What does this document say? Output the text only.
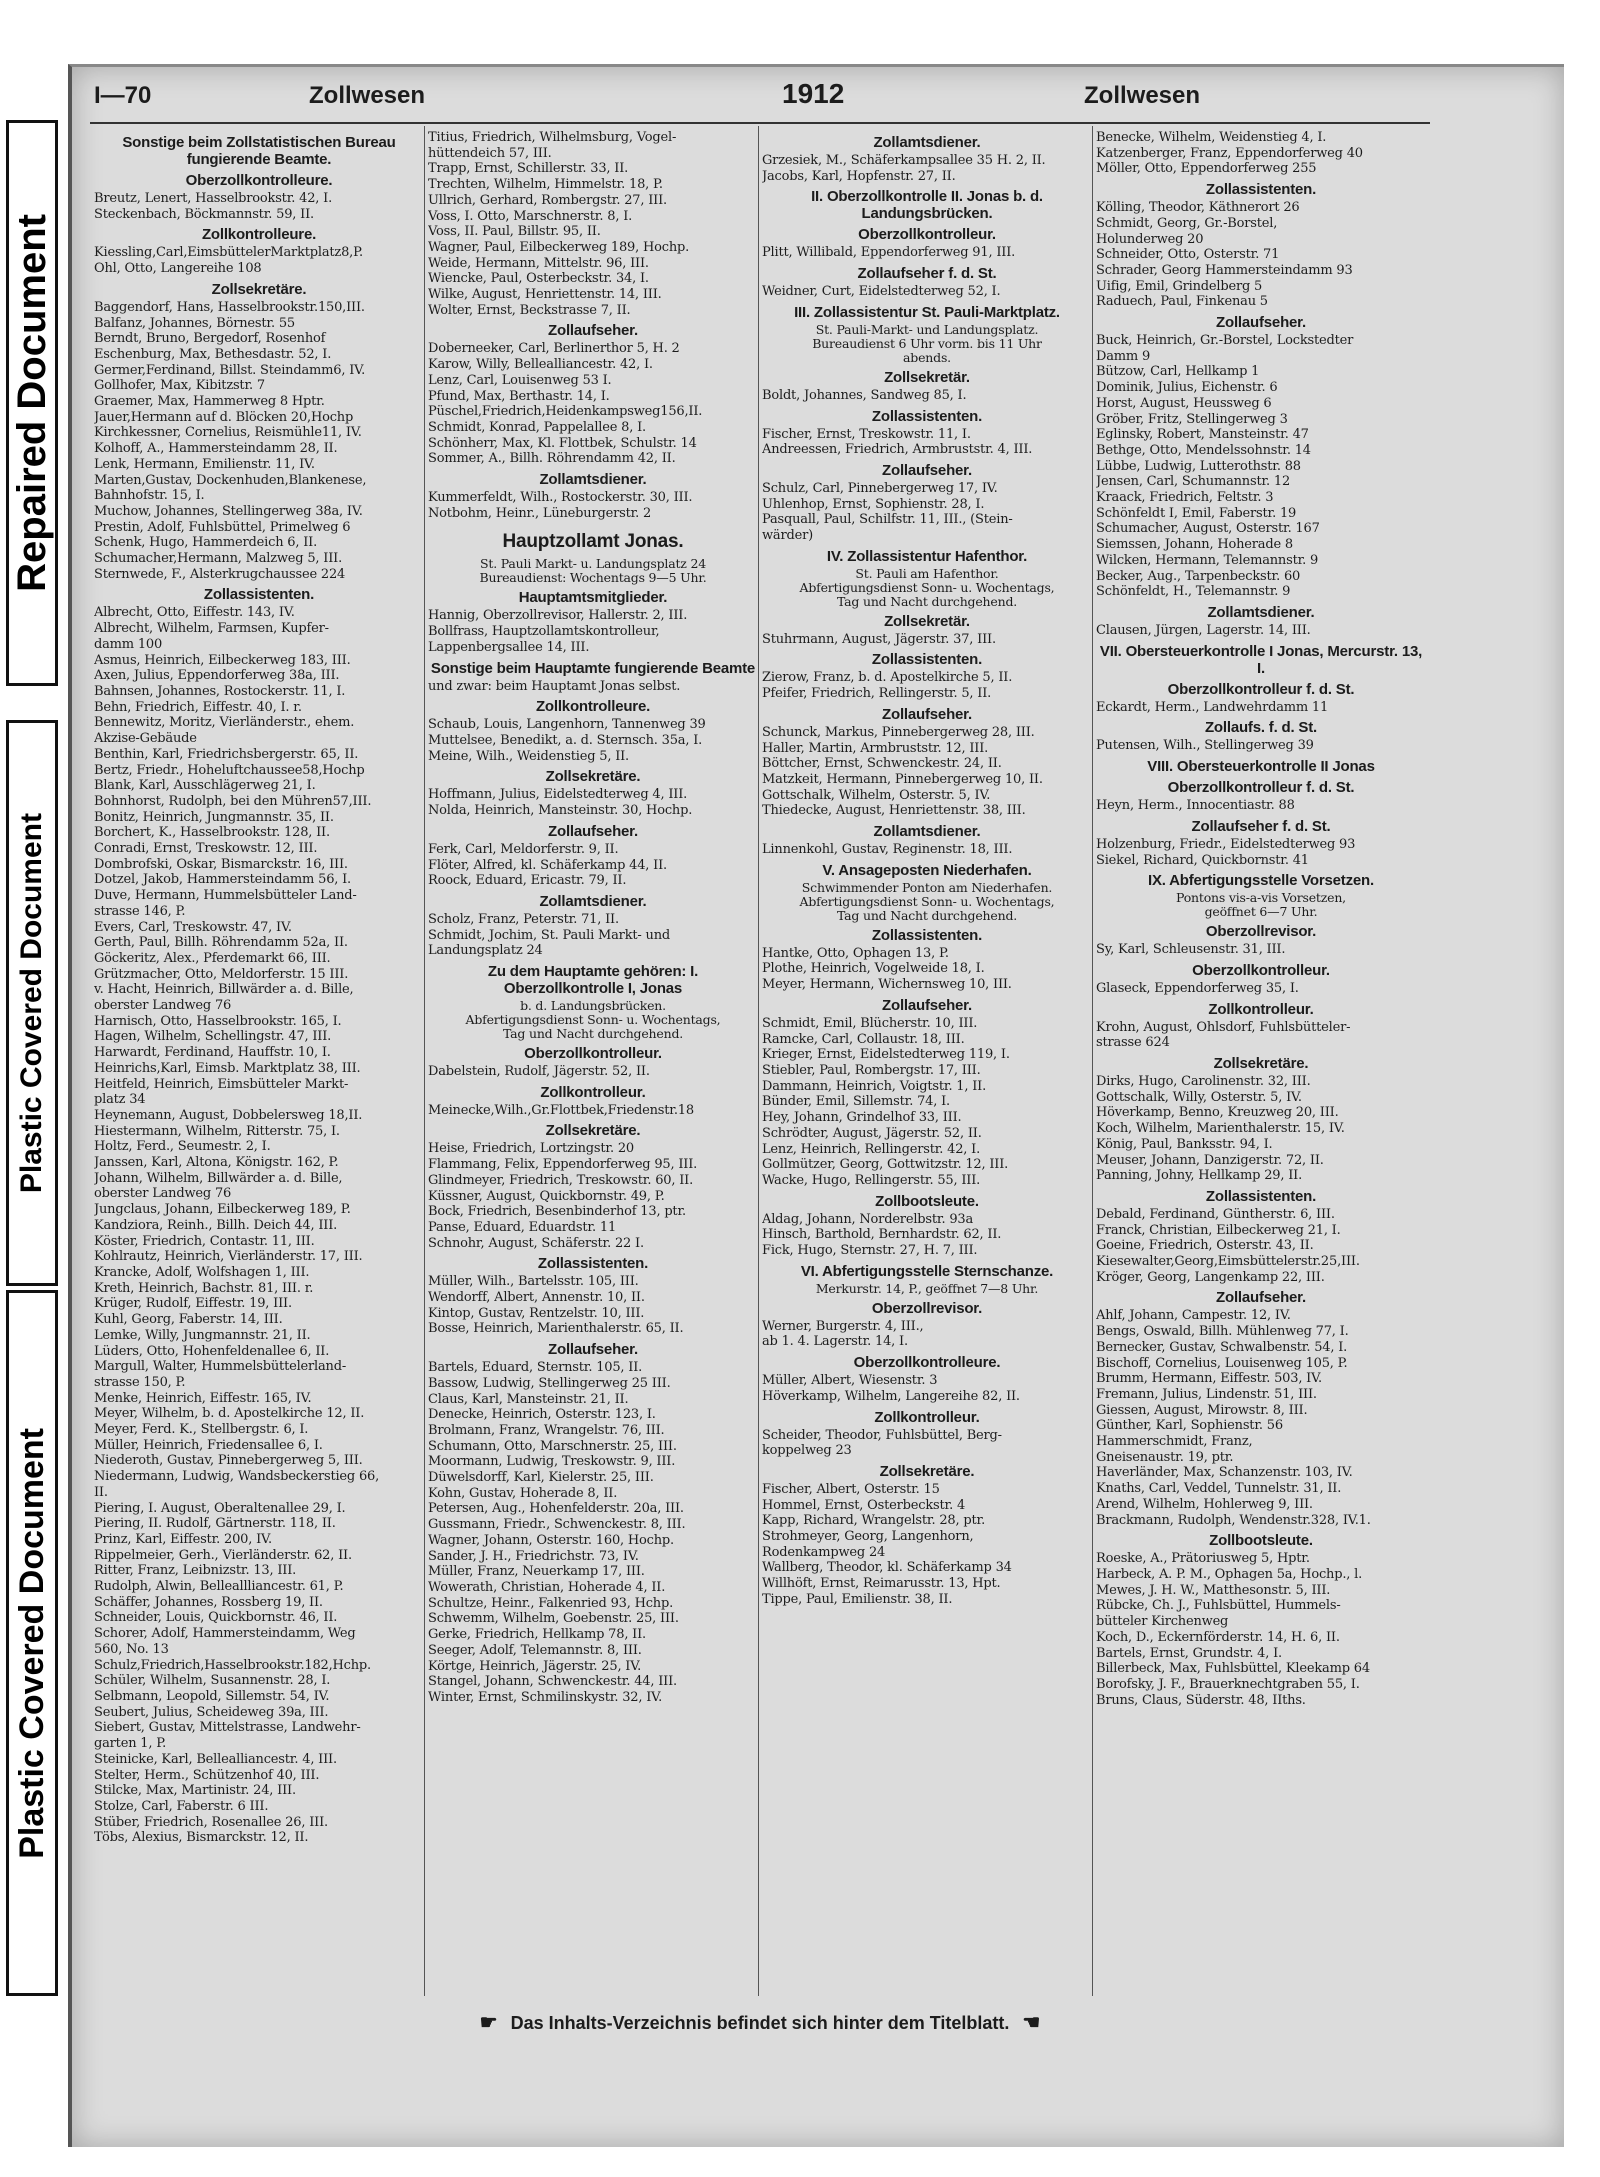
Repaired Document
Plastic Covered Document
Plastic Covered Document
I—70	Zollwesen	1912	Zollwesen
Sonstige beim Zollstatistischen Bureau fungierende Beamte.
Oberzollkontrolleure.
Breutz, Lenert, Hasselbrookstr. 42, I.
Steckenbach, Böckmannstr. 59, II.
Zollkontrolleure.
Kiessling,Carl,EimsbüttelerMarktplatz8,P.
Ohl, Otto, Langereihe 108
Zollsekretäre.
Baggendorf, Hans, Hasselbrookstr.150,III.
Balfanz, Johannes, Börnestr. 55
Berndt, Bruno, Bergedorf, Rosenhof
Eschenburg, Max, Bethesdastr. 52, I.
Germer,Ferdinand, Billst. Steindamm6, IV.
Gollhofer, Max, Kibitzstr. 7
Graemer, Max, Hammerweg 8 Hptr.
Jauer,Hermann auf d. Blöcken 20,Hochp
Kirchkessner, Cornelius, Reismühle11, IV.
Kolhoff, A., Hammersteindamm 28, II.
Lenk, Hermann, Emilienstr. 11, IV.
Marten,Gustav, Dockenhuden,Blankenese,
Bahnhofstr. 15, I.
Muchow, Johannes, Stellingerweg 38a, IV.
Prestin, Adolf, Fuhlsbüttel, Primelweg 6
Schenk, Hugo, Hammerdeich 6, II.
Schumacher,Hermann, Malzweg 5, III.
Sternwede, F., Alsterkrugchaussee 224
Zollassistenten.
Albrecht, Otto, Eiffestr. 143, IV.
Albrecht, Wilhelm, Farmsen, Kupfer-
damm 100
Asmus, Heinrich, Eilbeckerweg 183, III.
Axen, Julius, Eppendorferweg 38a, III.
Bahnsen, Johannes, Rostockerstr. 11, I.
Behn, Friedrich, Eiffestr. 40, I. r.
Bennewitz, Moritz, Vierländerstr., ehem.
Akzise-Gebäude
Benthin, Karl, Friedrichsbergerstr. 65, II.
Bertz, Friedr., Hoheluftchaussee58,Hochp
Blank, Karl, Ausschlägerweg 21, I.
Bohnhorst, Rudolph, bei den Mühren57,III.
Bonitz, Heinrich, Jungmannstr. 35, II.
Borchert, K., Hasselbrookstr. 128, II.
Conradi, Ernst, Treskowstr. 12, III.
Dombrofski, Oskar, Bismarckstr. 16, III.
Dotzel, Jakob, Hammersteindamm 56, I.
Duve, Hermann, Hummelsbütteler Land-
strasse 146, P.
Evers, Carl, Treskowstr. 47, IV.
Gerth, Paul, Billh. Röhrendamm 52a, II.
Göckeritz, Alex., Pferdemarkt 66, III.
Grützmacher, Otto, Meldorferstr. 15 III.
v. Hacht, Heinrich, Billwärder a. d. Bille,
oberster Landweg 76
Harnisch, Otto, Hasselbrookstr. 165, I.
Hagen, Wilhelm, Schellingstr. 47, III.
Harwardt, Ferdinand, Hauffstr. 10, I.
Heinrichs,Karl, Eimsb. Marktplatz 38, III.
Heitfeld, Heinrich, Eimsbütteler Markt-
platz 34
Heynemann, August, Dobbelersweg 18,II.
Hiestermann, Wilhelm, Ritterstr. 75, I.
Holtz, Ferd., Seumestr. 2, I.
Janssen, Karl, Altona, Königstr. 162, P.
Johann, Wilhelm, Billwärder a. d. Bille,
oberster Landweg 76
Jungclaus, Johann, Eilbeckerweg 189, P.
Kandziora, Reinh., Billh. Deich 44, III.
Köster, Friedrich, Contastr. 11, III.
Kohlrautz, Heinrich, Vierländerstr. 17, III.
Krancke, Adolf, Wolfshagen 1, III.
Kreth, Heinrich, Bachstr. 81, III. r.
Krüger, Rudolf, Eiffestr. 19, III.
Kuhl, Georg, Faberstr. 14, III.
Lemke, Willy, Jungmannstr. 21, II.
Lüders, Otto, Hohenfeldenallee 6, II.
Margull, Walter, Hummelsbüttelerland-
strasse 150, P.
Menke, Heinrich, Eiffestr. 165, IV.
Meyer, Wilhelm, b. d. Apostelkirche 12, II.
Meyer, Ferd. K., Stellbergstr. 6, I.
Müller, Heinrich, Friedensallee 6, I.
Niederoth, Gustav, Pinnebergerweg 5, III.
Niedermann, Ludwig, Wandsbeckerstieg 66,
II.
Piering, I. August, Oberaltenallee 29, I.
Piering, II. Rudolf, Gärtnerstr. 118, II.
Prinz, Karl, Eiffestr. 200, IV.
Rippelmeier, Gerh., Vierländerstr. 62, II.
Ritter, Franz, Leibnizstr. 13, III.
Rudolph, Alwin, Belleallliancestr. 61, P.
Schäffer, Johannes, Rossberg 19, II.
Schneider, Louis, Quickbornstr. 46, II.
Schorer, Adolf, Hammersteindamm, Weg
560, No. 13
Schulz,Friedrich,Hasselbrookstr.182,Hchp.
Schüler, Wilhelm, Susannenstr. 28, I.
Selbmann, Leopold, Sillemstr. 54, IV.
Seubert, Julius, Scheideweg 39a, III.
Siebert, Gustav, Mittelstrasse, Landwehr-
garten 1, P.
Steinicke, Karl, Bellealliancestr. 4, III.
Stelter, Herm., Schützenhof 40, III.
Stilcke, Max, Martinistr. 24, III.
Stolze, Carl, Faberstr. 6 III.
Stüber, Friedrich, Rosenallee 26, III.
Töbs, Alexius, Bismarckstr. 12, II.
Titius, Friedrich, Wilhelmsburg, Vogel-
hüttendeich 57, III.
Trapp, Ernst, Schillerstr. 33, II.
Trechten, Wilhelm, Himmelstr. 18, P.
Ullrich, Gerhard, Rombergstr. 27, III.
Voss, I. Otto, Marschnerstr. 8, I.
Voss, II. Paul, Billstr. 95, II.
Wagner, Paul, Eilbeckerweg 189, Hochp.
Weide, Hermann, Mittelstr. 96, III.
Wiencke, Paul, Osterbeckstr. 34, I.
Wilke, August, Henriettenstr. 14, III.
Wolter, Ernst, Beckstrasse 7, II.
Zollaufseher.
Doberneeker, Carl, Berlinerthor 5, H. 2
Karow, Willy, Bellealliancestr. 42, I.
Lenz, Carl, Louisenweg 53 I.
Pfund, Max, Berthastr. 14, I.
Püschel,Friedrich,Heidenkampsweg156,II.
Schmidt, Konrad, Pappelallee 8, I.
Schönherr, Max, Kl. Flottbek, Schulstr. 14
Sommer, A., Billh. Röhrendamm 42, II.
Zollamtsdiener.
Kummerfeldt, Wilh., Rostockerstr. 30, III.
Notbohm, Heinr., Lüneburgerstr. 2
Hauptzollamt Jonas.
St. Pauli Markt- u. Landungsplatz 24
Bureaudienst: Wochentags 9—5 Uhr.
Hauptamtsmitglieder.
Hannig, Oberzollrevisor, Hallerstr. 2, III.
Bollfrass, Hauptzollamtskontrolleur,
Lappenbergsallee 14, III.
Sonstige beim Hauptamte fungierende Beamte
und zwar: beim Hauptamt Jonas selbst.
Zollkontrolleure.
Schaub, Louis, Langenhorn, Tannenweg 39
Muttelsee, Benedikt, a. d. Sternsch. 35a, I.
Meine, Wilh., Weidenstieg 5, II.
Zollsekretäre.
Hoffmann, Julius, Eidelstedterweg 4, III.
Nolda, Heinrich, Mansteinstr. 30, Hochp.
Zollaufseher.
Ferk, Carl, Meldorferstr. 9, II.
Flöter, Alfred, kl. Schäferkamp 44, II.
Roock, Eduard, Ericastr. 79, II.
Zollamtsdiener.
Scholz, Franz, Peterstr. 71, II.
Schmidt, Jochim, St. Pauli Markt- und
Landungsplatz 24
Zu dem Hauptamte gehören: I. Oberzollkontrolle I, Jonas
b. d. Landungsbrücken.
Abfertigungsdienst Sonn- u. Wochentags,
Tag und Nacht durchgehend.
Oberzollkontrolleur.
Dabelstein, Rudolf, Jägerstr. 52, II.
Zollkontrolleur.
Meinecke,Wilh.,Gr.Flottbek,Friedenstr.18
Zollsekretäre.
Heise, Friedrich, Lortzingstr. 20
Flammang, Felix, Eppendorferweg 95, III.
Glindmeyer, Friedrich, Treskowstr. 60, II.
Küssner, August, Quickbornstr. 49, P.
Bock, Friedrich, Besenbinderhof 13, ptr.
Panse, Eduard, Eduardstr. 11
Schnohr, August, Schäferstr. 22 I.
Zollassistenten.
Müller, Wilh., Bartelsstr. 105, III.
Wendorff, Albert, Annenstr. 10, II.
Kintop, Gustav, Rentzelstr. 10, III.
Bosse, Heinrich, Marienthalerstr. 65, II.
Zollaufseher.
Bartels, Eduard, Sternstr. 105, II.
Bassow, Ludwig, Stellingerweg 25 III.
Claus, Karl, Mansteinstr. 21, II.
Denecke, Heinrich, Osterstr. 123, I.
Brolmann, Franz, Wrangelstr. 76, III.
Schumann, Otto, Marschnerstr. 25, III.
Moormann, Ludwig, Treskowstr. 9, III.
Düwelsdorff, Karl, Kielerstr. 25, III.
Kohn, Gustav, Hoherade 8, II.
Petersen, Aug., Hohenfelderstr. 20a, III.
Gussmann, Friedr., Schwenckestr. 8, III.
Wagner, Johann, Osterstr. 160, Hochp.
Sander, J. H., Friedrichstr. 73, IV.
Müller, Franz, Neuerkamp 17, III.
Wowerath, Christian, Hoherade 4, II.
Schultze, Heinr., Falkenried 93, Hchp.
Schwemm, Wilhelm, Goebenstr. 25, III.
Gerke, Friedrich, Hellkamp 78, II.
Seeger, Adolf, Telemannstr. 8, III.
Körtge, Heinrich, Jägerstr. 25, IV.
Stangel, Johann, Schwenckestr. 44, III.
Winter, Ernst, Schmilinskystr. 32, IV.
Zollamtsdiener.
Grzesiek, M., Schäferkampsallee 35 H. 2, II.
Jacobs, Karl, Hopfenstr. 27, II.
II. Oberzollkontrolle II. Jonas b. d. Landungsbrücken.
Oberzollkontrolleur.
Plitt, Willibald, Eppendorferweg 91, III.
Zollaufseher f. d. St.
Weidner, Curt, Eidelstedterweg 52, I.
III. Zollassistentur St. Pauli-Marktplatz.
St. Pauli-Markt- und Landungsplatz.
Bureaudienst 6 Uhr vorm. bis 11 Uhr
abends.
Zollsekretär.
Boldt, Johannes, Sandweg 85, I.
Zollassistenten.
Fischer, Ernst, Treskowstr. 11, I.
Andreessen, Friedrich, Armbruststr. 4, III.
Zollaufseher.
Schulz, Carl, Pinnebergerweg 17, IV.
Uhlenhop, Ernst, Sophienstr. 28, I.
Pasquall, Paul, Schilfstr. 11, III., (Stein-
wärder)
IV. Zollassistentur Hafenthor.
St. Pauli am Hafenthor.
Abfertigungsdienst Sonn- u. Wochentags,
Tag und Nacht durchgehend.
Zollsekretär.
Stuhrmann, August, Jägerstr. 37, III.
Zollassistenten.
Zierow, Franz, b. d. Apostelkirche 5, II.
Pfeifer, Friedrich, Rellingerstr. 5, II.
Zollaufseher.
Schunck, Markus, Pinnebergerweg 28, III.
Haller, Martin, Armbruststr. 12, III.
Böttcher, Ernst, Schwenckestr. 24, II.
Matzkeit, Hermann, Pinnebergerweg 10, II.
Gottschalk, Wilhelm, Osterstr. 5, IV.
Thiedecke, August, Henriettenstr. 38, III.
Zollamtsdiener.
Linnenkohl, Gustav, Reginenstr. 18, III.
V. Ansageposten Niederhafen.
Schwimmender Ponton am Niederhafen.
Abfertigungsdienst Sonn- u. Wochentags,
Tag und Nacht durchgehend.
Zollassistenten.
Hantke, Otto, Ophagen 13, P.
Plothe, Heinrich, Vogelweide 18, I.
Meyer, Hermann, Wichernsweg 10, III.
Zollaufseher.
Schmidt, Emil, Blücherstr. 10, III.
Ramcke, Carl, Collaustr. 18, III.
Krieger, Ernst, Eidelstedterweg 119, I.
Stiebler, Paul, Rombergstr. 17, III.
Dammann, Heinrich, Voigtstr. 1, II.
Bünder, Emil, Sillemstr. 74, I.
Hey, Johann, Grindelhof 33, III.
Schrödter, August, Jägerstr. 52, II.
Lenz, Heinrich, Rellingerstr. 42, I.
Gollmützer, Georg, Gottwitzstr. 12, III.
Wacke, Hugo, Rellingerstr. 55, III.
Zollbootsleute.
Aldag, Johann, Norderelbstr. 93a
Hinsch, Barthold, Bernhardstr. 62, II.
Fick, Hugo, Sternstr. 27, H. 7, III.
VI. Abfertigungsstelle Sternschanze.
Merkurstr. 14, P., geöffnet 7—8 Uhr.
Oberzollrevisor.
Werner, Burgerstr. 4, III.,
ab 1. 4. Lagerstr. 14, I.
Oberzollkontrolleure.
Müller, Albert, Wiesenstr. 3
Höverkamp, Wilhelm, Langereihe 82, II.
Zollkontrolleur.
Scheider, Theodor, Fuhlsbüttel, Berg-
koppelweg 23
Zollsekretäre.
Fischer, Albert, Osterstr. 15
Hommel, Ernst, Osterbeckstr. 4
Kapp, Richard, Wrangelstr. 28, ptr.
Strohmeyer, Georg, Langenhorn,
Rodenkampweg 24
Wallberg, Theodor, kl. Schäferkamp 34
Willhöft, Ernst, Reimarusstr. 13, Hpt.
Tippe, Paul, Emilienstr. 38, II.
Benecke, Wilhelm, Weidenstieg 4, I.
Katzenberger, Franz, Eppendorferweg 40
Möller, Otto, Eppendorferweg 255
Zollassistenten.
Kölling, Theodor, Käthnerort 26
Schmidt, Georg, Gr.-Borstel,
Holunderweg 20
Schneider, Otto, Osterstr. 71
Schrader, Georg Hammersteindamm 93
Uifig, Emil, Grindelberg 5
Raduech, Paul, Finkenau 5
Zollaufseher.
Buck, Heinrich, Gr.-Borstel, Lockstedter
Damm 9
Bützow, Carl, Hellkamp 1
Dominik, Julius, Eichenstr. 6
Horst, August, Heussweg 6
Gröber, Fritz, Stellingerweg 3
Eglinsky, Robert, Mansteinstr. 47
Bethge, Otto, Mendelssohnstr. 14
Lübbe, Ludwig, Lutterothstr. 88
Jensen, Carl, Schumannstr. 12
Kraack, Friedrich, Feltstr. 3
Schönfeldt I, Emil, Faberstr. 19
Schumacher, August, Osterstr. 167
Siemssen, Johann, Hoherade 8
Wilcken, Hermann, Telemannstr. 9
Becker, Aug., Tarpenbeckstr. 60
Schönfeldt, H., Telemannstr. 9
Zollamtsdiener.
Clausen, Jürgen, Lagerstr. 14, III.
VII. Obersteuerkontrolle I Jonas, Mercurstr. 13, I.
Oberzollkontrolleur f. d. St.
Eckardt, Herm., Landwehrdamm 11
Zollaufs. f. d. St.
Putensen, Wilh., Stellingerweg 39
VIII. Obersteuerkontrolle II Jonas
Oberzollkontrolleur f. d. St.
Heyn, Herm., Innocentiastr. 88
Zollaufseher f. d. St.
Holzenburg, Friedr., Eidelstedterweg 93
Siekel, Richard, Quickbornstr. 41
IX. Abfertigungsstelle Vorsetzen.
Pontons vis-a-vis Vorsetzen,
geöffnet 6—7 Uhr.
Oberzollrevisor.
Sy, Karl, Schleusenstr. 31, III.
Oberzollkontrolleur.
Glaseck, Eppendorferweg 35, I.
Zollkontrolleur.
Krohn, August, Ohlsdorf, Fuhlsbütteler-
strasse 624
Zollsekretäre.
Dirks, Hugo, Carolinenstr. 32, III.
Gottschalk, Willy, Osterstr. 5, IV.
Höverkamp, Benno, Kreuzweg 20, III.
Koch, Wilhelm, Marienthalerstr. 15, IV.
König, Paul, Banksstr. 94, I.
Meuser, Johann, Danzigerstr. 72, II.
Panning, Johny, Hellkamp 29, II.
Zollassistenten.
Debald, Ferdinand, Güntherstr. 6, III.
Franck, Christian, Eilbeckerweg 21, I.
Goeine, Friedrich, Osterstr. 43, II.
Kiesewalter,Georg,Eimsbüttelerstr.25,III.
Kröger, Georg, Langenkamp 22, III.
Zollaufseher.
Ahlf, Johann, Campestr. 12, IV.
Bengs, Oswald, Billh. Mühlenweg 77, I.
Bernecker, Gustav, Schwalbenstr. 54, I.
Bischoff, Cornelius, Louisenweg 105, P.
Brumm, Hermann, Eiffestr. 503, IV.
Fremann, Julius, Lindenstr. 51, III.
Giessen, August, Mirowstr. 8, III.
Günther, Karl, Sophienstr. 56
Hammerschmidt, Franz,
Gneisenaustr. 19, ptr.
Haverländer, Max, Schanzenstr. 103, IV.
Knaths, Carl, Veddel, Tunnelstr. 31, II.
Arend, Wilhelm, Hohlerweg 9, III.
Brackmann, Rudolph, Wendenstr.328, IV.1.
Zollbootsleute.
Roeske, A., Prätoriusweg 5, Hptr.
Harbeck, A. P. M., Ophagen 5a, Hochp., l.
Mewes, J. H. W., Matthesonstr. 5, III.
Rübcke, Ch. J., Fuhlsbüttel, Hummels-
bütteler Kirchenweg
Koch, D., Eckernförderstr. 14, H. 6, II.
Bartels, Ernst, Grundstr. 4, I.
Billerbeck, Max, Fuhlsbüttel, Kleekamp 64
Borofsky, J. F., Brauerknechtgraben 55, I.
Bruns, Claus, Süderstr. 48, IIths.
☛ Das Inhalts-Verzeichnis befindet sich hinter dem Titelblatt. ☚
